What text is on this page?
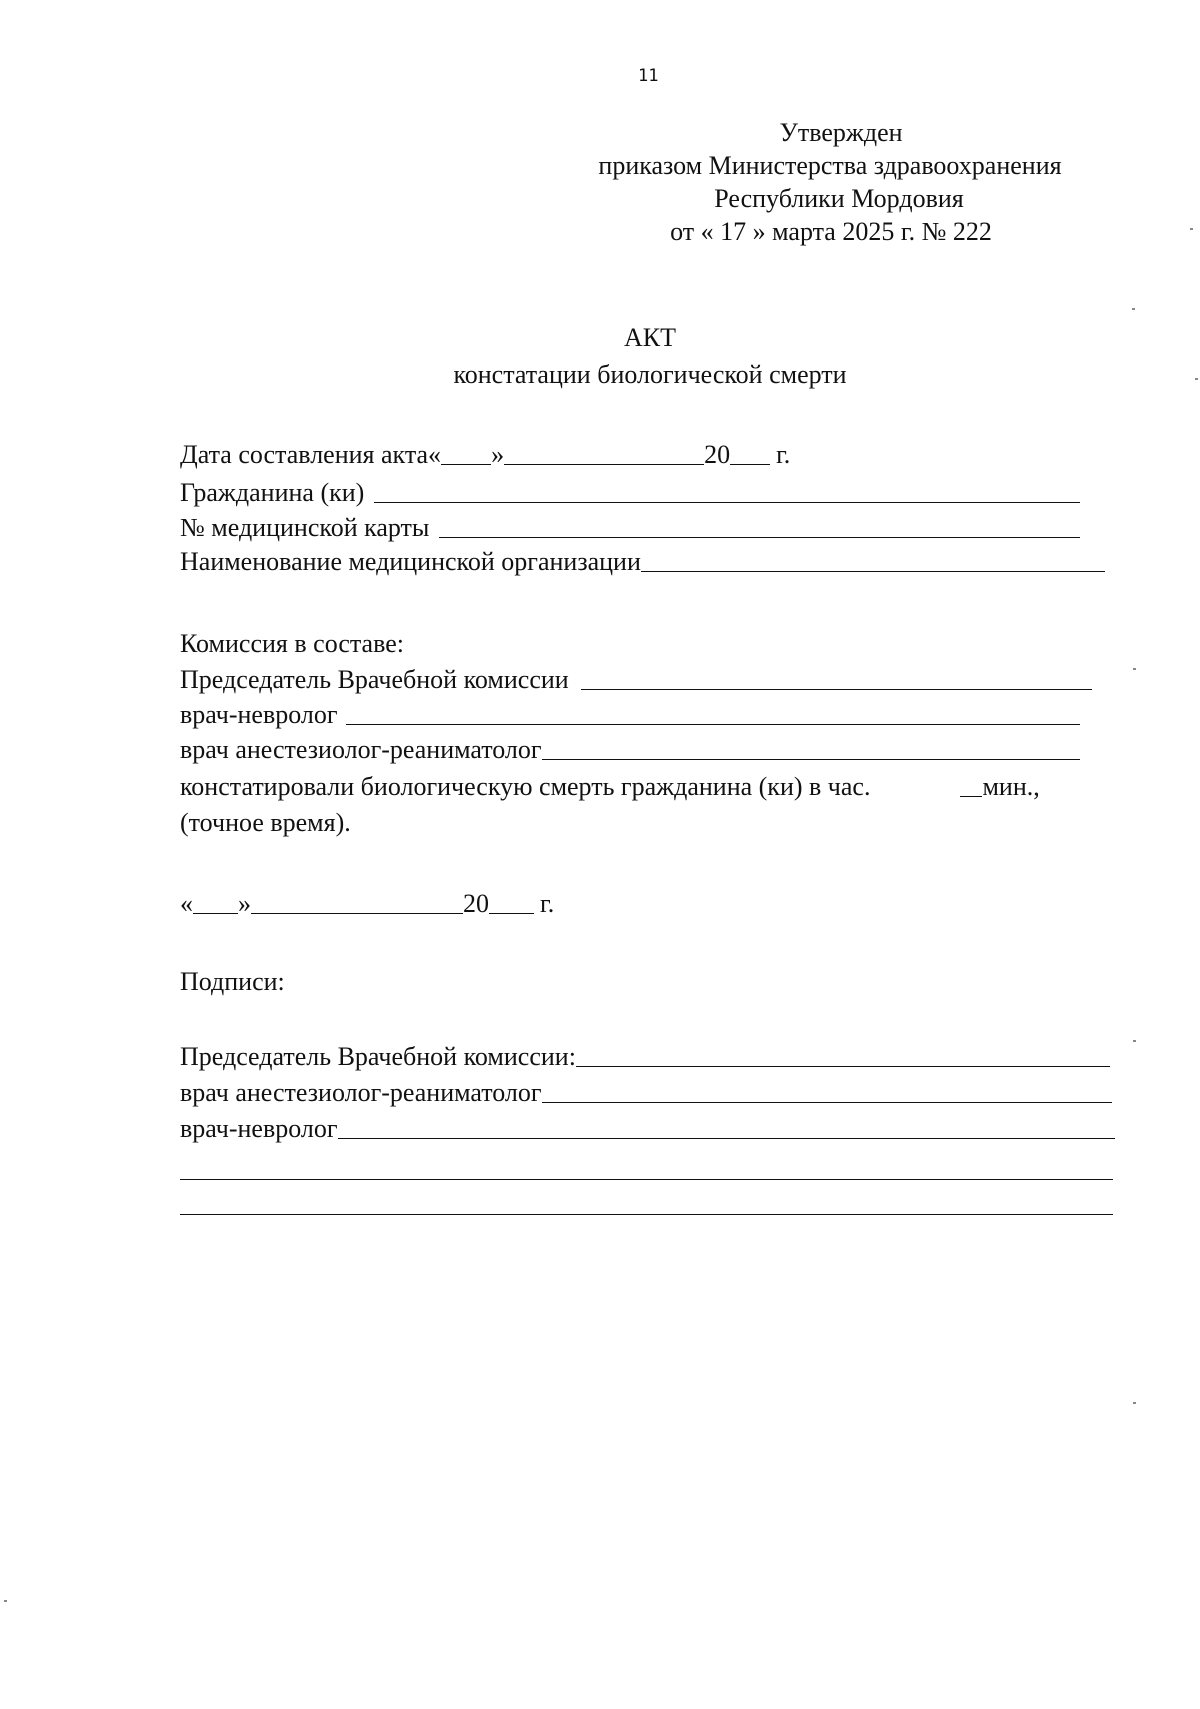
11
Утвержден
приказом Министерства здравоохранения
Республики Мордовия
от « 17 » марта 2025 г. № 222
АКТ
констатации биологической смерти
Дата составления акта« »	20 г.
Гражданина (ки)
№ медицинской карты
Наименование медицинской организации
Комиссия в составе:
Председатель Врачебной комиссии
врач-невролог
врач анестезиолог-реаниматолог
констатировали биологическую смерть гражданина (ки) в час.	мин.,
(точное время).
« »	20 г.
Подписи:
Председатель Врачебной комиссии:
врач анестезиолог-реаниматолог
врач-невролог
